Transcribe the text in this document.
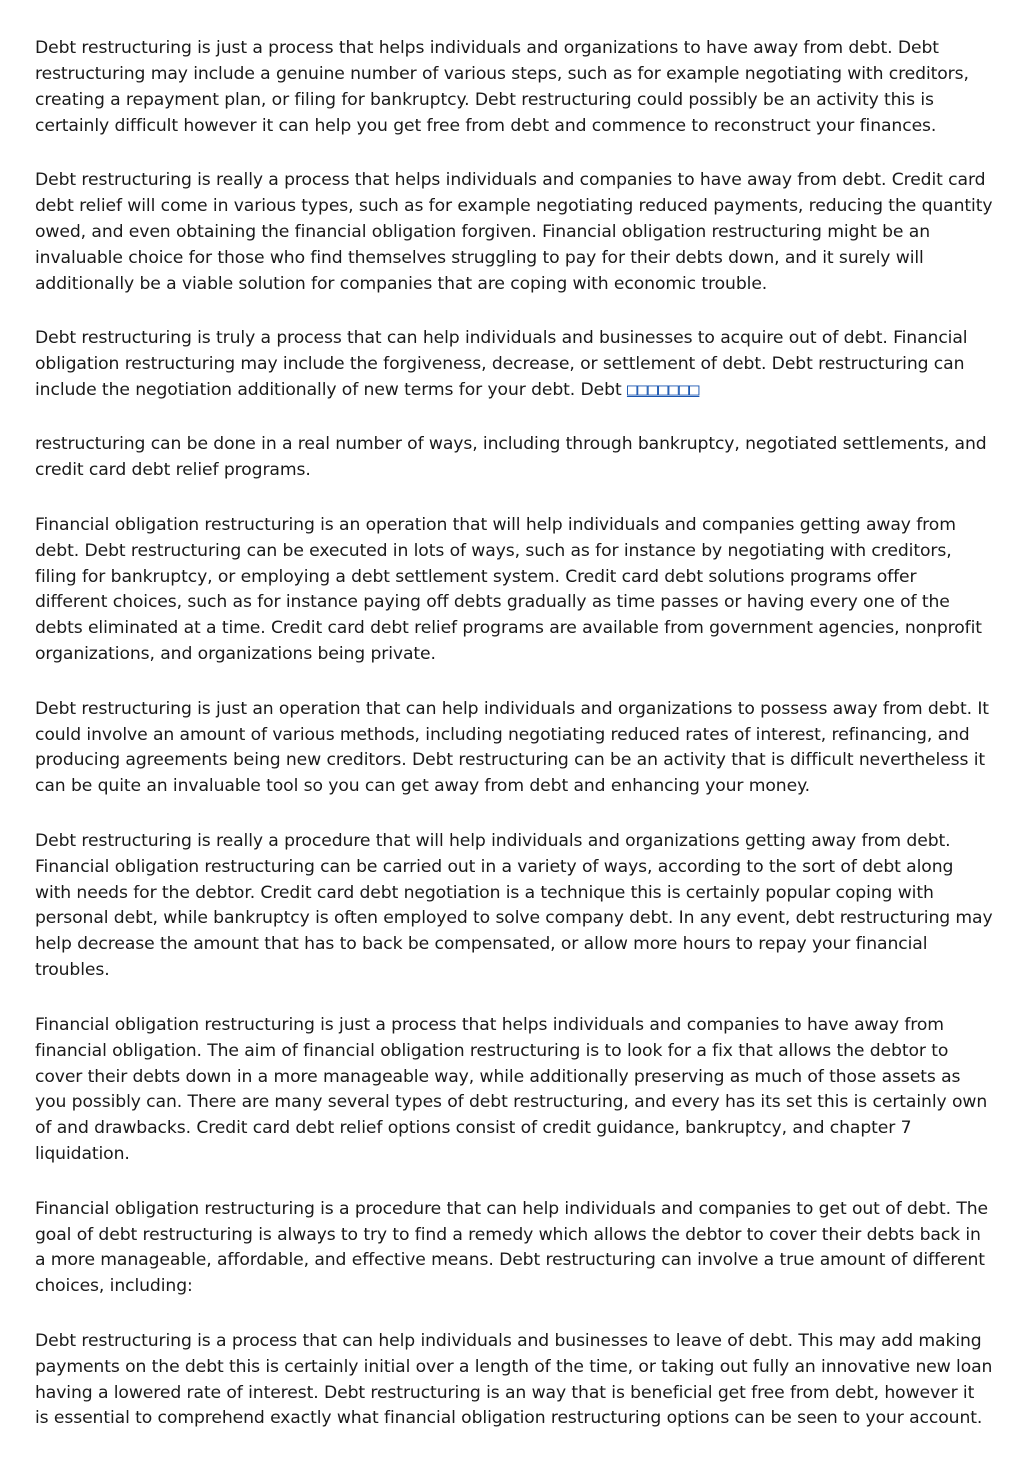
Debt restructuring is just a process that helps individuals and organizations to have away from debt. Debt restructuring may include a genuine number of various steps, such as for example negotiating with creditors, creating a repayment plan, or filing for bankruptcy. Debt restructuring could possibly be an activity this is certainly difficult however it can help you get free from debt and commence to reconstruct your finances.

Debt restructuring is really a process that helps individuals and companies to have away from debt. Credit card debt relief will come in various types, such as for example negotiating reduced payments, reducing the quantity owed, and even obtaining the financial obligation forgiven. Financial obligation restructuring might be an invaluable choice for those who find themselves struggling to pay for their debts down, and it surely will additionally be a viable solution for companies that are coping with economic trouble.

Debt restructuring is truly a process that can help individuals and businesses to acquire out of debt. Financial obligation restructuring may include the forgiveness, decrease, or settlement of debt. Debt restructuring can include the negotiation additionally of new terms for your debt. Debt □□□□□□□

restructuring can be done in a real number of ways, including through bankruptcy, negotiated settlements, and credit card debt relief programs.

Financial obligation restructuring is an operation that will help individuals and companies getting away from debt. Debt restructuring can be executed in lots of ways, such as for instance by negotiating with creditors, filing for bankruptcy, or employing a debt settlement system. Credit card debt solutions programs offer different choices, such as for instance paying off debts gradually as time passes or having every one of the debts eliminated at a time. Credit card debt relief programs are available from government agencies, nonprofit organizations, and organizations being private.

Debt restructuring is just an operation that can help individuals and organizations to possess away from debt. It could involve an amount of various methods, including negotiating reduced rates of interest, refinancing, and producing agreements being new creditors. Debt restructuring can be an activity that is difficult nevertheless it can be quite an invaluable tool so you can get away from debt and enhancing your money.

Debt restructuring is really a procedure that will help individuals and organizations getting away from debt. Financial obligation restructuring can be carried out in a variety of ways, according to the sort of debt along with needs for the debtor. Credit card debt negotiation is a technique this is certainly popular coping with personal debt, while bankruptcy is often employed to solve company debt. In any event, debt restructuring may help decrease the amount that has to back be compensated, or allow more hours to repay your financial troubles.

Financial obligation restructuring is just a process that helps individuals and companies to have away from financial obligation. The aim of financial obligation restructuring is to look for a fix that allows the debtor to cover their debts down in a more manageable way, while additionally preserving as much of those assets as you possibly can. There are many several types of debt restructuring, and every has its set this is certainly own of and drawbacks. Credit card debt relief options consist of credit guidance, bankruptcy, and chapter 7 liquidation.

Financial obligation restructuring is a procedure that can help individuals and companies to get out of debt. The goal of debt restructuring is always to try to find a remedy which allows the debtor to cover their debts back in a more manageable, affordable, and effective means. Debt restructuring can involve a true amount of different choices, including:

Debt restructuring is a process that can help individuals and businesses to leave of debt. This may add making payments on the debt this is certainly initial over a length of the time, or taking out fully an innovative new loan having a lowered rate of interest. Debt restructuring is an way that is beneficial get free from debt, however it is essential to comprehend exactly what financial obligation restructuring options can be seen to your account.
